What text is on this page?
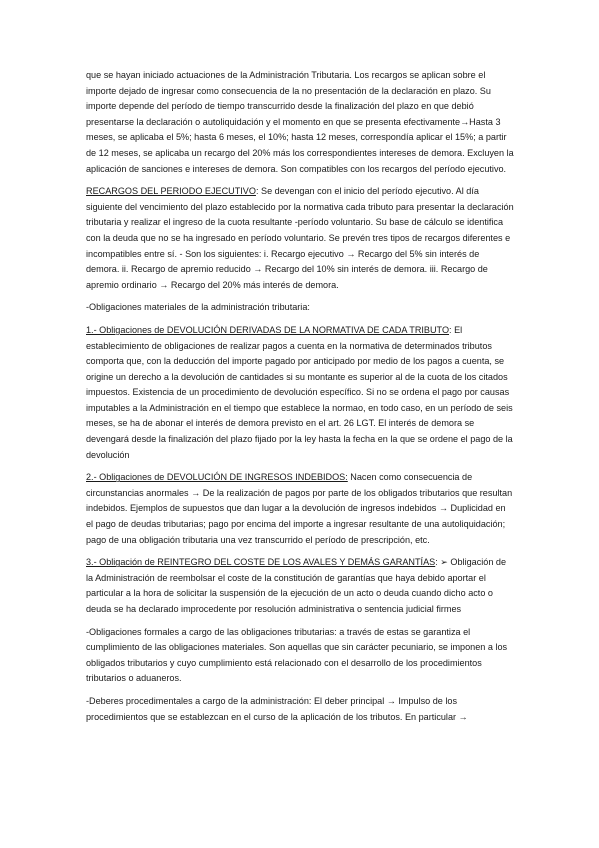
que se hayan iniciado actuaciones de la Administración Tributaria. Los recargos se aplican sobre el importe dejado de ingresar como consecuencia de la no presentación de la declaración en plazo. Su importe depende del período de tiempo transcurrido desde la finalización del plazo en que debió presentarse la declaración o autoliquidación y el momento en que se presenta efectivamente→Hasta 3 meses, se aplicaba el 5%; hasta 6 meses, el 10%; hasta 12 meses, correspondía aplicar el 15%; a partir de 12 meses, se aplicaba un recargo del 20% más los correspondientes intereses de demora. Excluyen la aplicación de sanciones e intereses de demora. Son compatibles con los recargos del período ejecutivo.

RECARGOS DEL PERIODO EJECUTIVO: Se devengan con el inicio del período ejecutivo. Al día siguiente del vencimiento del plazo establecido por la normativa cada tributo para presentar la declaración tributaria y realizar el ingreso de la cuota resultante -período voluntario. Su base de cálculo se identifica con la deuda que no se ha ingresado en período voluntario. Se prevén tres tipos de recargos diferentes e incompatibles entre sí. - Son los siguientes: i. Recargo ejecutivo → Recargo del 5% sin interés de demora. ii. Recargo de apremio reducido → Recargo del 10% sin interés de demora. iii. Recargo de apremio ordinario → Recargo del 20% más interés de demora.

-Obligaciones materiales de la administración tributaria:

1.- Obligaciones de DEVOLUCIÓN DERIVADAS DE LA NORMATIVA DE CADA TRIBUTO: El establecimiento de obligaciones de realizar pagos a cuenta en la normativa de determinados tributos comporta que, con la deducción del importe pagado por anticipado por medio de los pagos a cuenta, se origine un derecho a la devolución de cantidades si su montante es superior al de la cuota de los citados impuestos. Existencia de un procedimiento de devolución específico. Si no se ordena el pago por causas imputables a la Administración en el tiempo que establece la normao, en todo caso, en un período de seis meses, se ha de abonar el interés de demora previsto en el art. 26 LGT. El interés de demora se devengará desde la finalización del plazo fijado por la ley hasta la fecha en la que se ordene el pago de la devolución

2.- Obligaciones de DEVOLUCIÓN DE INGRESOS INDEBIDOS: Nacen como consecuencia de circunstancias anormales → De la realización de pagos por parte de los obligados tributarios que resultan indebidos. Ejemplos de supuestos que dan lugar a la devolución de ingresos indebidos → Duplicidad en el pago de deudas tributarias; pago por encima del importe a ingresar resultante de una autoliquidación; pago de una obligación tributaria una vez transcurrido el período de prescripción, etc.

3.- Obligación de REINTEGRO DEL COSTE DE LOS AVALES Y DEMÁS GARANTÍAS: ➢ Obligación de la Administración de reembolsar el coste de la constitución de garantías que haya debido aportar el particular a la hora de solicitar la suspensión de la ejecución de un acto o deuda cuando dicho acto o deuda se ha declarado improcedente por resolución administrativa o sentencia judicial firmes

-Obligaciones formales a cargo de las obligaciones tributarias: a través de estas se garantiza el cumplimiento de las obligaciones materiales. Son aquellas que sin carácter pecuniario, se imponen a los obligados tributarios y cuyo cumplimiento está relacionado con el desarrollo de los procedimientos tributarios o aduaneros.

-Deberes procedimentales a cargo de la administración: El deber principal → Impulso de los procedimientos que se establezcan en el curso de la aplicación de los tributos. En particular →
